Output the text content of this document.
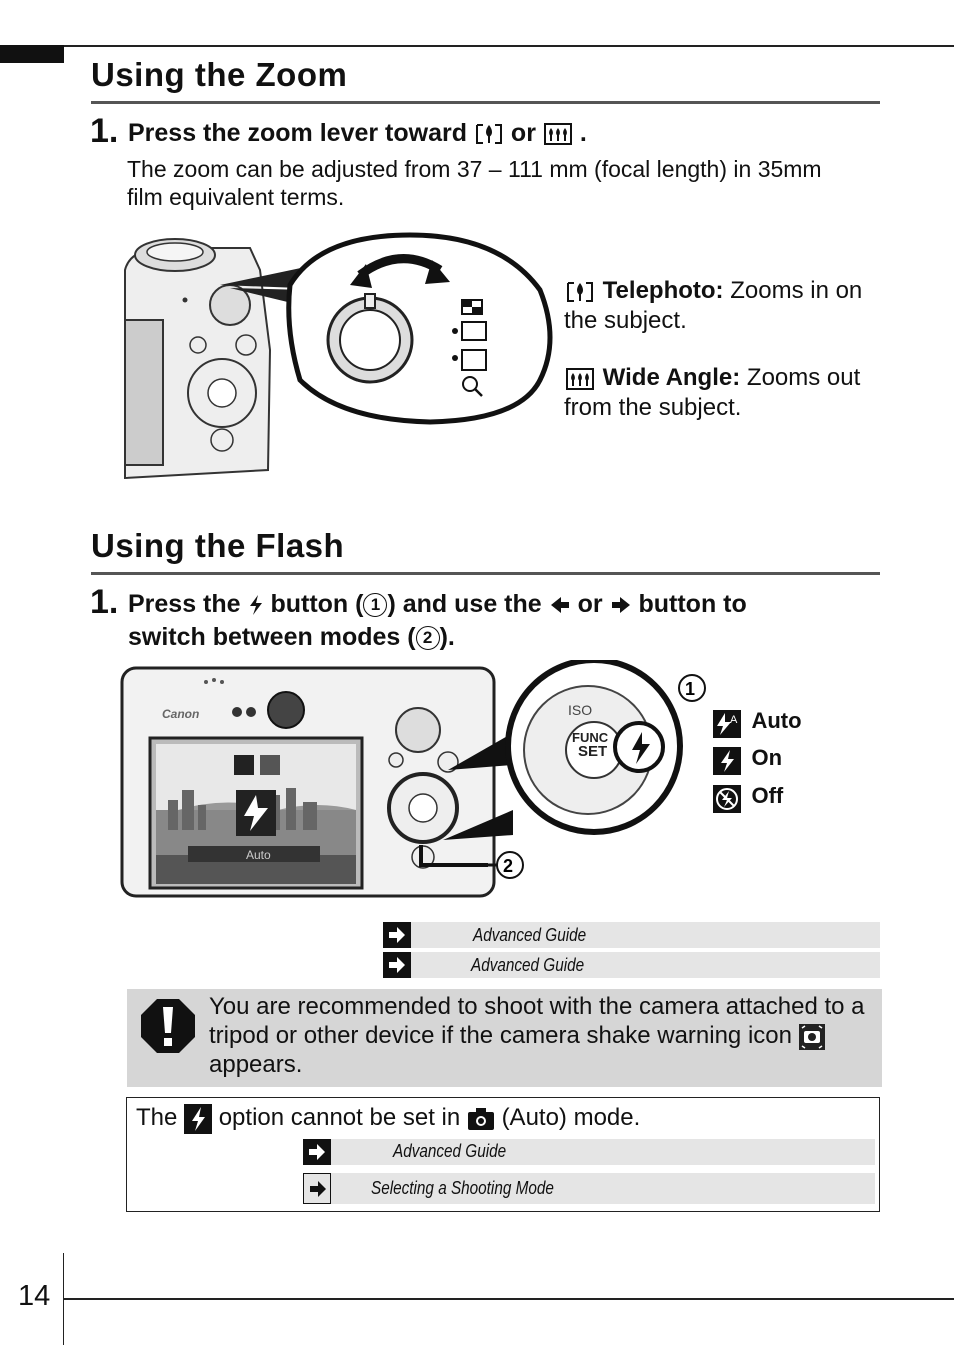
Using the Zoom
1. Press the zoom lever toward or .
The zoom can be adjusted from 37 – 111 mm (focal length) in 35mm film equivalent terms.
Telephoto: Zooms in on the subject.
Wide Angle: Zooms out from the subject.
Using the Flash
1. Press the button ( 1 ) and use the or button to
switch between modes ( 2 ).
Auto
SET
FUNC
ISO
2
1
Canon	A Auto
On
Off
Advanced Guide
Advanced Guide
You are recommended to shoot with the camera attached to a tripod or other device if the camera shake warning icon  appears.
The option cannot be set in (Auto) mode.
Advanced Guide
Selecting a Shooting Mode
14
